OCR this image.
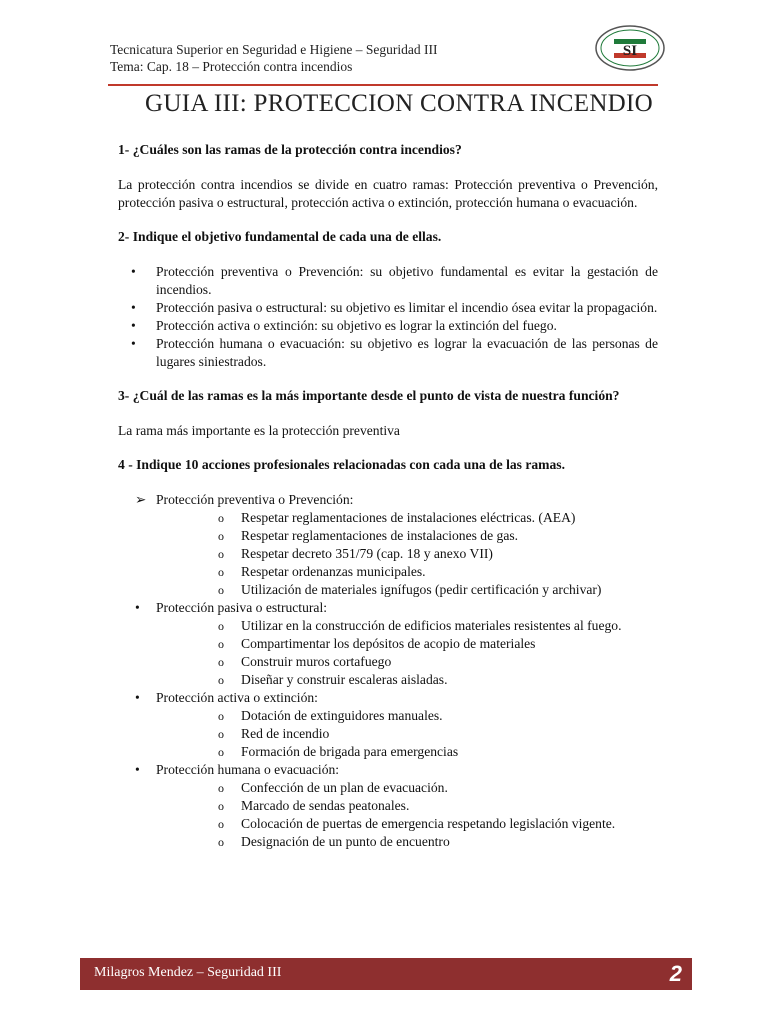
Tecnicatura Superior en Seguridad e Higiene – Seguridad III
Tema: Cap. 18 – Protección contra incendios
SI
GUIA III: PROTECCION CONTRA INCENDIO
1- ¿Cuáles son las ramas de la protección contra incendios?
La protección contra incendios se divide en cuatro ramas: Protección preventiva o Prevención, protección pasiva o estructural, protección activa o extinción, protección humana o evacuación.
2- Indique el objetivo fundamental de cada una de ellas.
• Protección preventiva o Prevención: su objetivo fundamental es evitar la gestación de incendios.
• Protección pasiva o estructural: su objetivo es limitar el incendio ósea evitar la propagación.
• Protección activa o extinción: su objetivo es lograr la extinción del fuego.
• Protección humana o evacuación: su objetivo es lograr la evacuación de las personas de lugares siniestrados.
3- ¿Cuál de las ramas es la más importante desde el punto de vista de nuestra función?
La rama más importante es la protección preventiva
4 - Indique 10 acciones profesionales relacionadas con cada una de las ramas.
➢ Protección preventiva o Prevención:
o Respetar reglamentaciones de instalaciones eléctricas. (AEA)
o Respetar reglamentaciones de instalaciones de gas.
o Respetar decreto 351/79 (cap. 18 y anexo VII)
o Respetar ordenanzas municipales.
o Utilización de materiales ignífugos (pedir certificación y archivar)
• Protección pasiva o estructural:
o Utilizar en la construcción de edificios materiales resistentes al fuego.
o Compartimentar los depósitos de acopio de materiales
o Construir muros cortafuego
o Diseñar y construir escaleras aisladas.
• Protección activa o extinción:
o Dotación de extinguidores manuales.
o Red de incendio
o Formación de brigada para emergencias
• Protección humana o evacuación:
o Confección de un plan de evacuación.
o Marcado de sendas peatonales.
o Colocación de puertas de emergencia respetando legislación vigente.
o Designación de un punto de encuentro
Milagros Mendez – Seguridad III	2
